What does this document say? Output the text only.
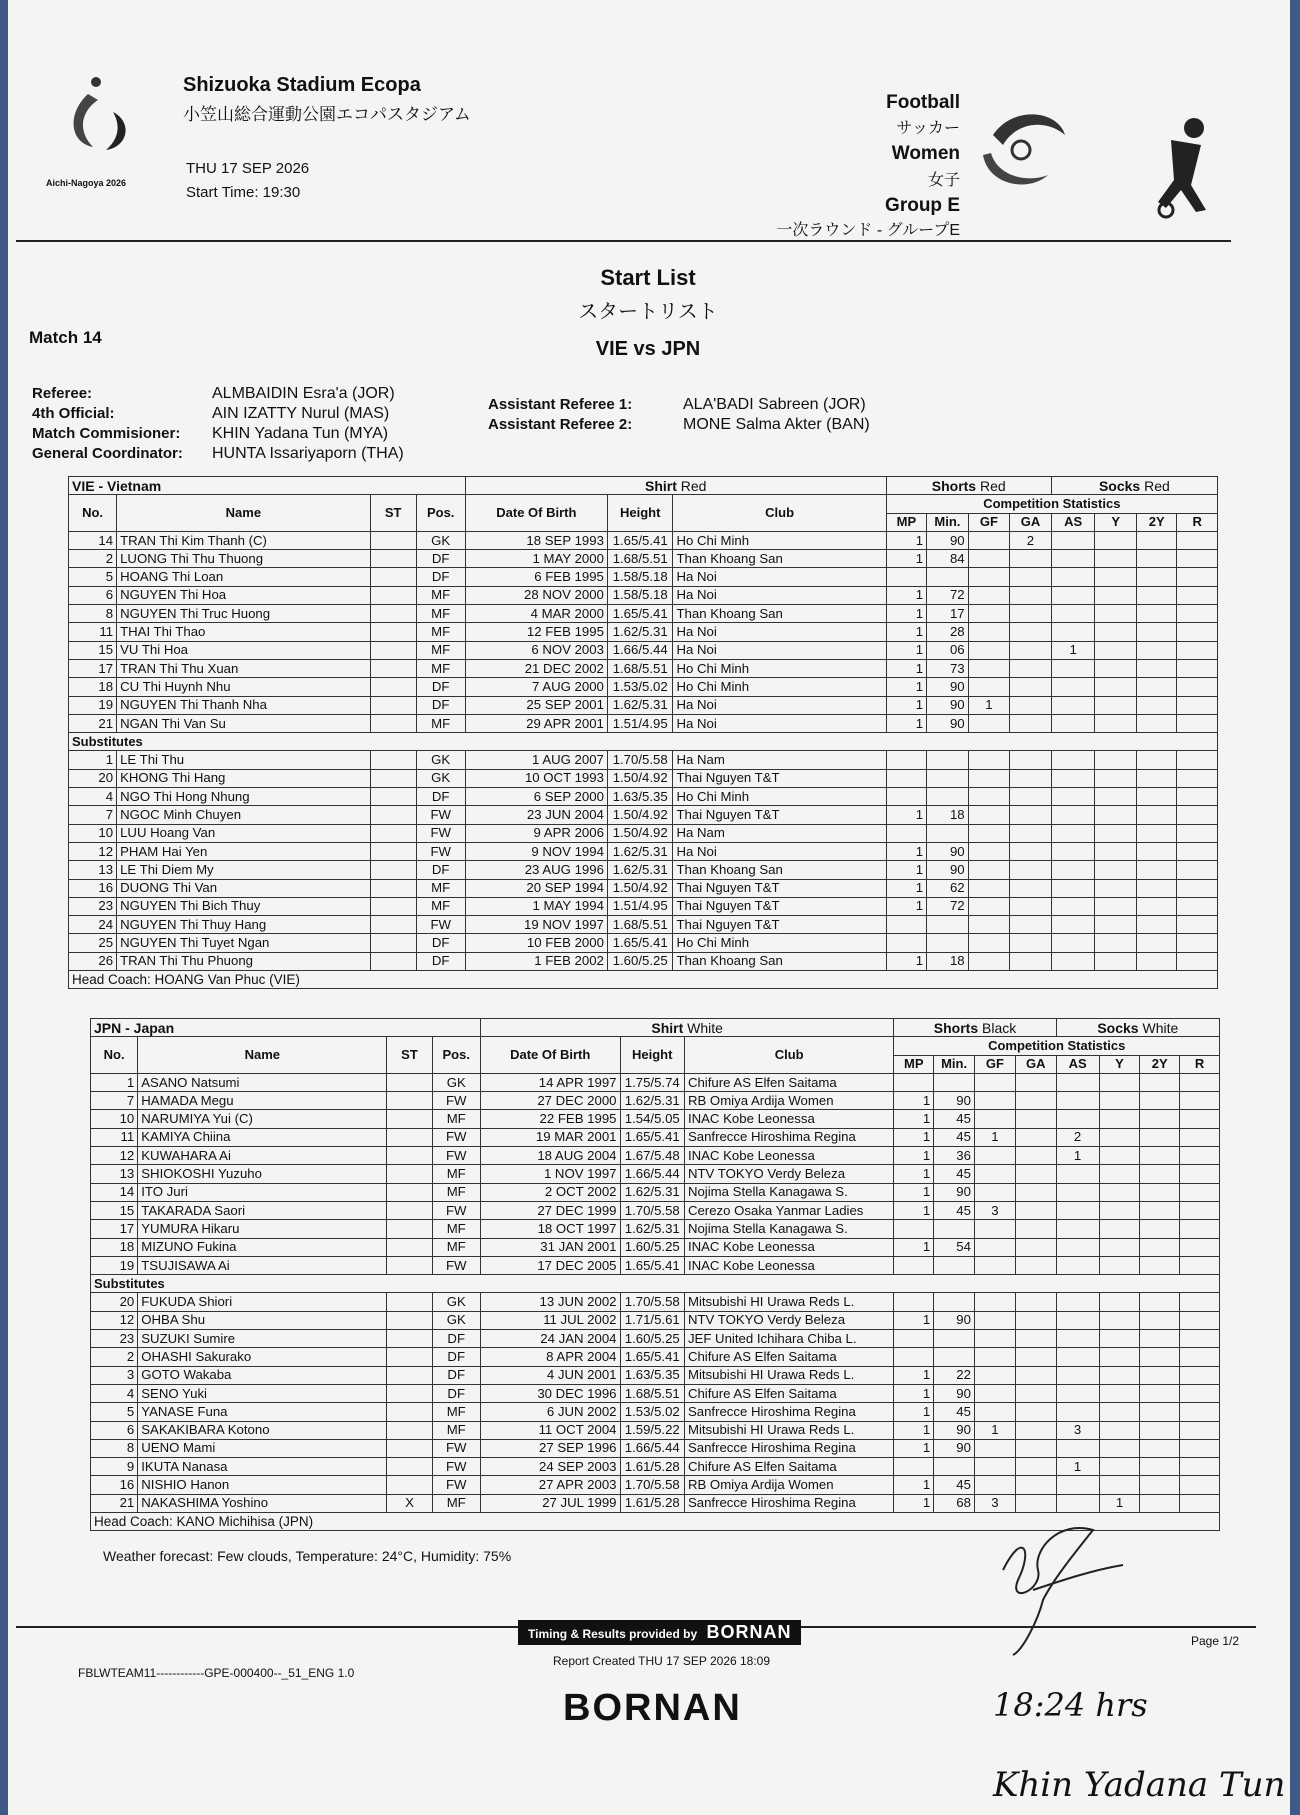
Aichi-Nagoya 2026
Shizuoka Stadium Ecopa
小笠山総合運動公園エコパスタジアム
THU 17 SEP 2026
Start Time: 19:30
Football
サッカー
Women
女子
Group E
一次ラウンド - グループE
Start List
スタートリスト
Match 14
VIE vs JPN
Referee:	ALMBAIDIN Esra'a (JOR)
4th Official:	AIN IZATTY Nurul (MAS)
Match Commisioner:	KHIN Yadana Tun (MYA)
General Coordinator:	HUNTA Issariyaporn (THA)
Assistant Referee 1:	ALA'BADI Sabreen (JOR)
Assistant Referee 2:	MONE Salma Akter (BAN)
VIE - Vietnam				Shirt Red			Shorts Red				Socks Red			
No.	Name	ST	Pos.	Date Of Birth	Height	Club	Competition Statistics							
							MP	Min.	GF	GA	AS	Y	2Y	R
14	TRAN Thi Kim Thanh (C)		GK	18 SEP 1993	1.65/5.41	Ho Chi Minh	1	90		2				
2	LUONG Thi Thu Thuong		DF	1 MAY 2000	1.68/5.51	Than Khoang San	1	84						
5	HOANG Thi Loan		DF	6 FEB 1995	1.58/5.18	Ha Noi								
6	NGUYEN Thi Hoa		MF	28 NOV 2000	1.58/5.18	Ha Noi	1	72						
8	NGUYEN Thi Truc Huong		MF	4 MAR 2000	1.65/5.41	Than Khoang San	1	17						
11	THAI Thi Thao		MF	12 FEB 1995	1.62/5.31	Ha Noi	1	28						
15	VU Thi Hoa		MF	6 NOV 2003	1.66/5.44	Ha Noi	1	06			1			
17	TRAN Thi Thu Xuan		MF	21 DEC 2002	1.68/5.51	Ho Chi Minh	1	73						
18	CU Thi Huynh Nhu		DF	7 AUG 2000	1.53/5.02	Ho Chi Minh	1	90						
19	NGUYEN Thi Thanh Nha		DF	25 SEP 2001	1.62/5.31	Ha Noi	1	90	1					
21	NGAN Thi Van Su		MF	29 APR 2001	1.51/4.95	Ha Noi	1	90						
Substitutes														
1	LE Thi Thu		GK	1 AUG 2007	1.70/5.58	Ha Nam								
20	KHONG Thi Hang		GK	10 OCT 1993	1.50/4.92	Thai Nguyen T&T								
4	NGO Thi Hong Nhung		DF	6 SEP 2000	1.63/5.35	Ho Chi Minh								
7	NGOC Minh Chuyen		FW	23 JUN 2004	1.50/4.92	Thai Nguyen T&T	1	18						
10	LUU Hoang Van		FW	9 APR 2006	1.50/4.92	Ha Nam								
12	PHAM Hai Yen		FW	9 NOV 1994	1.62/5.31	Ha Noi	1	90						
13	LE Thi Diem My		DF	23 AUG 1996	1.62/5.31	Than Khoang San	1	90						
16	DUONG Thi Van		MF	20 SEP 1994	1.50/4.92	Thai Nguyen T&T	1	62						
23	NGUYEN Thi Bich Thuy		MF	1 MAY 1994	1.51/4.95	Thai Nguyen T&T	1	72						
24	NGUYEN Thi Thuy Hang		FW	19 NOV 1997	1.68/5.51	Thai Nguyen T&T								
25	NGUYEN Thi Tuyet Ngan		DF	10 FEB 2000	1.65/5.41	Ho Chi Minh								
26	TRAN Thi Thu Phuong		DF	1 FEB 2002	1.60/5.25	Than Khoang San	1	18						
Head Coach: HOANG Van Phuc (VIE)														
JPN - Japan				Shirt White			Shorts Black				Socks White			
No.	Name	ST	Pos.	Date Of Birth	Height	Club	Competition Statistics							
							MP	Min.	GF	GA	AS	Y	2Y	R
1	ASANO Natsumi		GK	14 APR 1997	1.75/5.74	Chifure AS Elfen Saitama								
7	HAMADA Megu		FW	27 DEC 2000	1.62/5.31	RB Omiya Ardija Women	1	90						
10	NARUMIYA Yui (C)		MF	22 FEB 1995	1.54/5.05	INAC Kobe Leonessa	1	45						
11	KAMIYA Chiina		FW	19 MAR 2001	1.65/5.41	Sanfrecce Hiroshima Regina	1	45	1		2			
12	KUWAHARA Ai		FW	18 AUG 2004	1.67/5.48	INAC Kobe Leonessa	1	36			1			
13	SHIOKOSHI Yuzuho		MF	1 NOV 1997	1.66/5.44	NTV TOKYO Verdy Beleza	1	45						
14	ITO Juri		MF	2 OCT 2002	1.62/5.31	Nojima Stella Kanagawa S.	1	90						
15	TAKARADA Saori		FW	27 DEC 1999	1.70/5.58	Cerezo Osaka Yanmar Ladies	1	45	3					
17	YUMURA Hikaru		MF	18 OCT 1997	1.62/5.31	Nojima Stella Kanagawa S.								
18	MIZUNO Fukina		MF	31 JAN 2001	1.60/5.25	INAC Kobe Leonessa	1	54						
19	TSUJISAWA Ai		FW	17 DEC 2005	1.65/5.41	INAC Kobe Leonessa								
Substitutes														
20	FUKUDA Shiori		GK	13 JUN 2002	1.70/5.58	Mitsubishi HI Urawa Reds L.								
12	OHBA Shu		GK	11 JUL 2002	1.71/5.61	NTV TOKYO Verdy Beleza	1	90						
23	SUZUKI Sumire		DF	24 JAN 2004	1.60/5.25	JEF United Ichihara Chiba L.								
2	OHASHI Sakurako		DF	8 APR 2004	1.65/5.41	Chifure AS Elfen Saitama								
3	GOTO Wakaba		DF	4 JUN 2001	1.63/5.35	Mitsubishi HI Urawa Reds L.	1	22						
4	SENO Yuki		DF	30 DEC 1996	1.68/5.51	Chifure AS Elfen Saitama	1	90						
5	YANASE Funa		MF	6 JUN 2002	1.53/5.02	Sanfrecce Hiroshima Regina	1	45						
6	SAKAKIBARA Kotono		MF	11 OCT 2004	1.59/5.22	Mitsubishi HI Urawa Reds L.	1	90	1		3			
8	UENO Mami		FW	27 SEP 1996	1.66/5.44	Sanfrecce Hiroshima Regina	1	90						
9	IKUTA Nanasa		FW	24 SEP 2003	1.61/5.28	Chifure AS Elfen Saitama					1			
16	NISHIO Hanon		FW	27 APR 2003	1.70/5.58	RB Omiya Ardija Women	1	45						
21	NAKASHIMA Yoshino	X	MF	27 JUL 1999	1.61/5.28	Sanfrecce Hiroshima Regina	1	68	3			1		
Head Coach: KANO Michihisa (JPN)														
Weather forecast: Few clouds, Temperature: 24°C, Humidity: 75%
Timing & Results provided by BORNAN	Page 1/2
FBLWTEAM11------------GPE-000400--_51_ENG 1.0
Report Created THU 17 SEP 2026 18:09
BORNAN	18:24 hrs
Khin Yadana Tun
